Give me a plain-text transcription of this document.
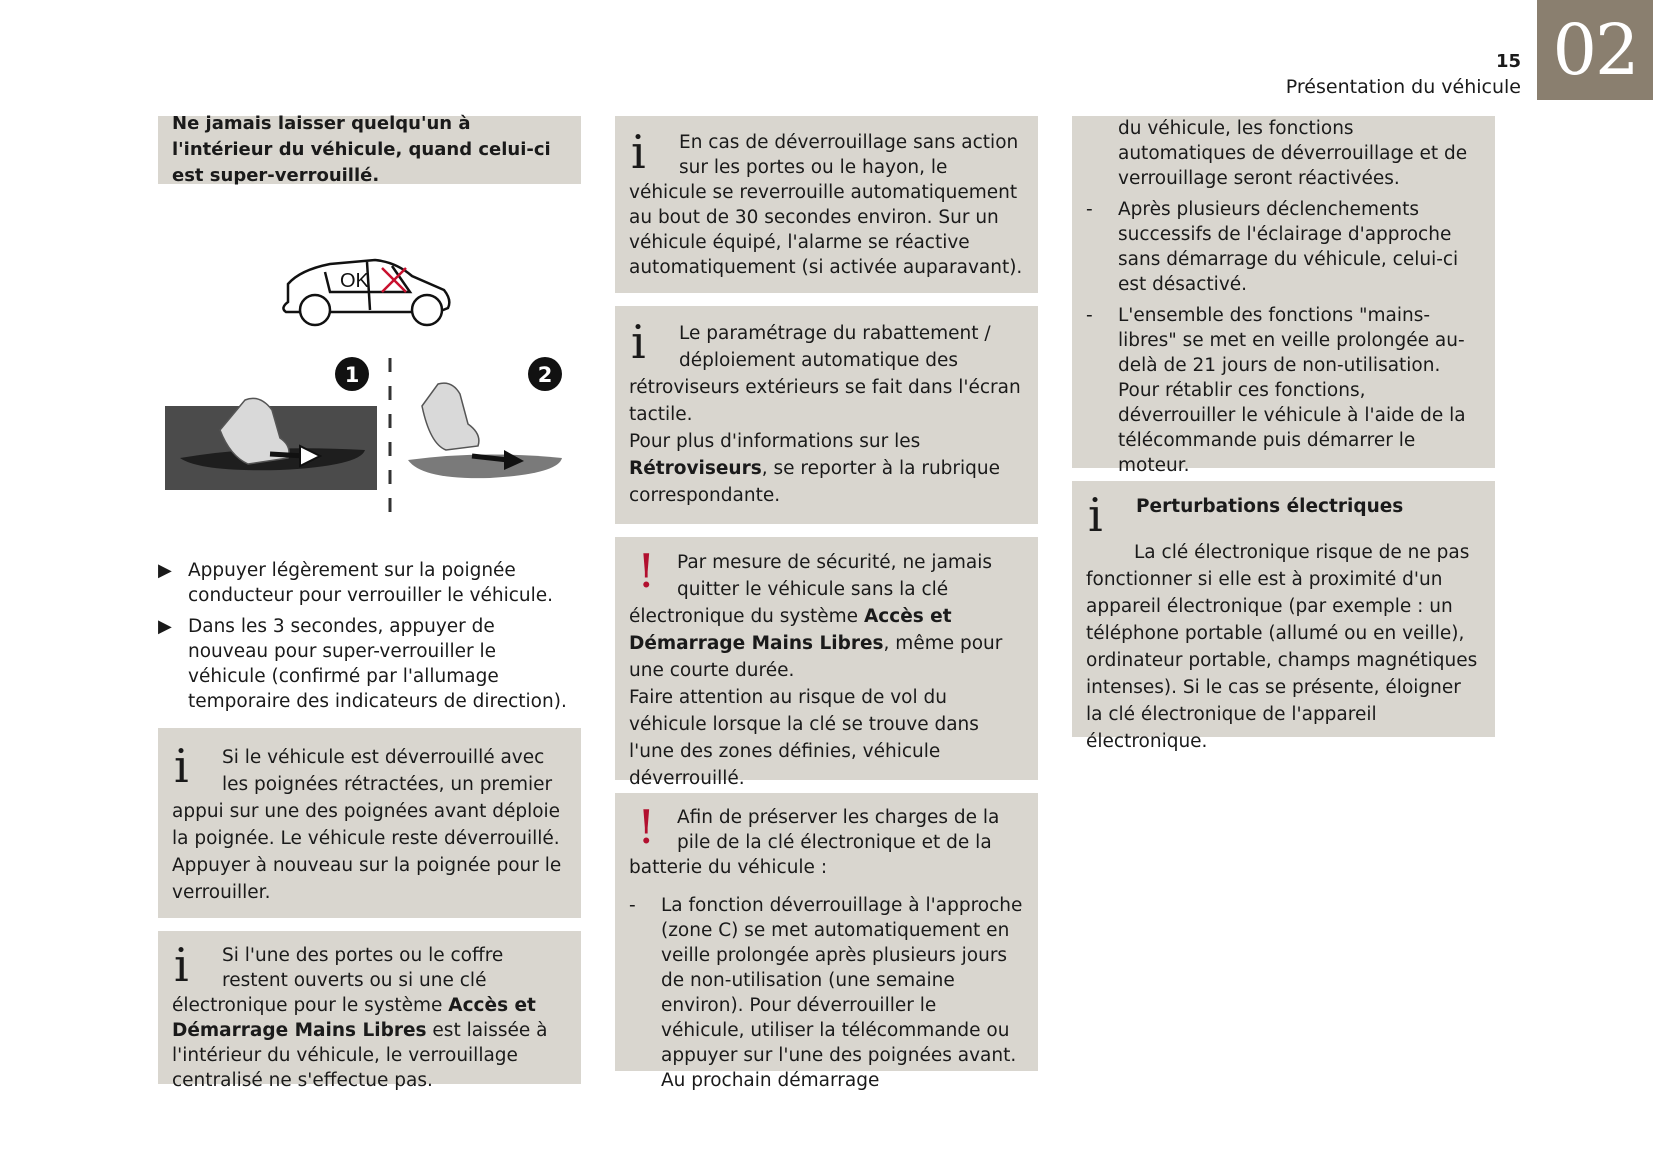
02
15
Présentation du véhicule

Ne jamais laisser quelqu'un à l'intérieur du véhicule, quand celui-ci est super-verrouillé.

OK
1	2
▶ Appuyer légèrement sur la poignée conducteur pour verrouiller le véhicule.
▶ Dans les 3 secondes, appuyer de nouveau pour super-verrouiller le véhicule (confirmé par l'allumage temporaire des indicateurs de direction).
i	Si le véhicule est déverrouillé avec les poignées rétractées, un premier appui sur une des poignées avant déploie la poignée. Le véhicule reste déverrouillé. Appuyer à nouveau sur la poignée pour le verrouiller.

i	Si l'une des portes ou le coffre restent ouverts ou si une clé électronique pour le système Accès et Démarrage Mains Libres est laissée à l'intérieur du véhicule, le verrouillage centralisé ne s'effectue pas.

i	En cas de déverrouillage sans action sur les portes ou le hayon, le véhicule se reverrouille automatiquement au bout de 30 secondes environ. Sur un véhicule équipé, l'alarme se réactive automatiquement (si activée auparavant).

i	Le paramétrage du rabattement / déploiement automatique des rétroviseurs extérieurs se fait dans l'écran tactile.

Pour plus d'informations sur les Rétroviseurs, se reporter à la rubrique correspondante.

!	Par mesure de sécurité, ne jamais quitter le véhicule sans la clé électronique du système Accès et Démarrage Mains Libres, même pour une courte durée.

Faire attention au risque de vol du véhicule lorsque la clé se trouve dans l'une des zones définies, véhicule déverrouillé.

!	Afin de préserver les charges de la pile de la clé électronique et de la batterie du véhicule :

-	La fonction déverrouillage à l'approche (zone C) se met automatiquement en veille prolongée après plusieurs jours de non-utilisation (une semaine environ). Pour déverrouiller le véhicule, utiliser la télécommande ou appuyer sur l'une des poignées avant. Au prochain démarrage

du véhicule, les fonctions automatiques de déverrouillage et de verrouillage seront réactivées.

-	Après plusieurs déclenchements successifs de l'éclairage d'approche sans démarrage du véhicule, celui-ci est désactivé.
-	L'ensemble des fonctions "mains-libres" se met en veille prolongée au-delà de 21 jours de non-utilisation. Pour rétablir ces fonctions, déverrouiller le véhicule à l'aide de la télécommande puis démarrer le moteur.
i	Perturbations électriques

La clé électronique risque de ne pas fonctionner si elle est à proximité d'un appareil électronique (par exemple : un téléphone portable (allumé ou en veille), ordinateur portable, champs magnétiques intenses). Si le cas se présente, éloigner la clé électronique de l'appareil électronique.
